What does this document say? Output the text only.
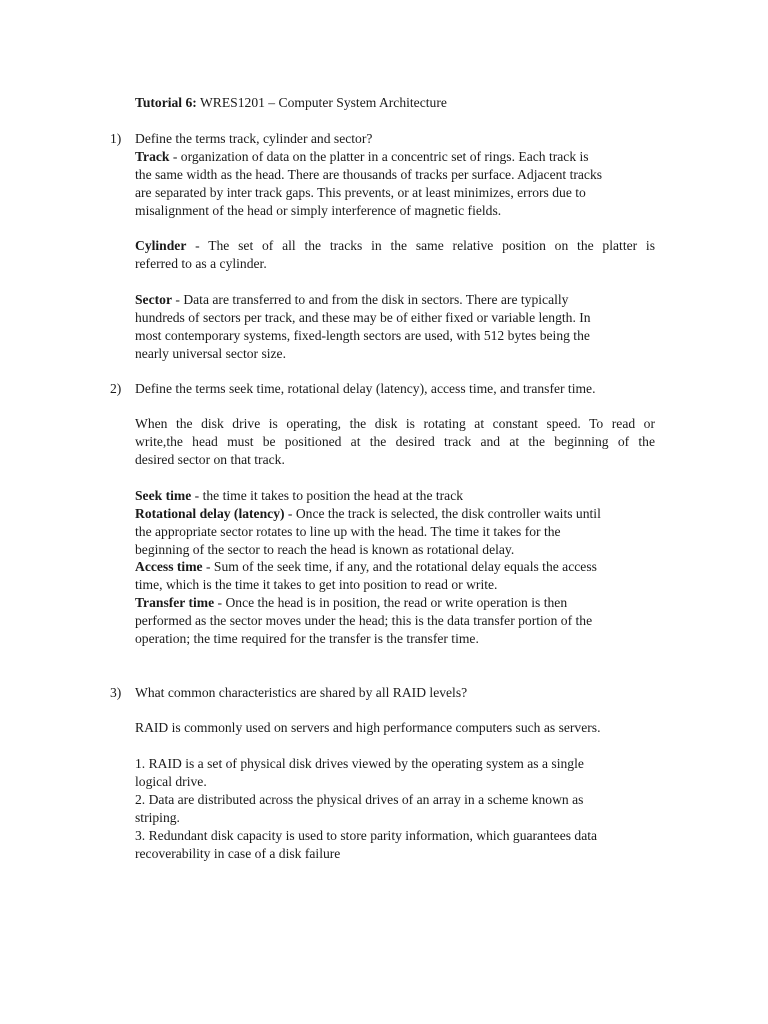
Tutorial 6: WRES1201 – Computer System Architecture
1) Define the terms track, cylinder and sector?
Track - organization of data on the platter in a concentric set of rings. Each track is
the same width as the head. There are thousands of tracks per surface. Adjacent tracks
are separated by inter track gaps. This prevents, or at least minimizes, errors due to
misalignment of the head or simply interference of magnetic fields.
Cylinder - The set of all the tracks in the same relative position on the platter is
referred to as a cylinder.
Sector - Data are transferred to and from the disk in sectors. There are typically
hundreds of sectors per track, and these may be of either fixed or variable length. In
most contemporary systems, fixed-length sectors are used, with 512 bytes being the
nearly universal sector size.
2) Define the terms seek time, rotational delay (latency), access time, and transfer time.
When the disk drive is operating, the disk is rotating at constant speed. To read or
write,the head must be positioned at the desired track and at the beginning of the
desired sector on that track.
Seek time - the time it takes to position the head at the track
Rotational delay (latency) - Once the track is selected, the disk controller waits until
the appropriate sector rotates to line up with the head. The time it takes for the
beginning of the sector to reach the head is known as rotational delay.
Access time - Sum of the seek time, if any, and the rotational delay equals the access
time, which is the time it takes to get into position to read or write.
Transfer time - Once the head is in position, the read or write operation is then
performed as the sector moves under the head; this is the data transfer portion of the
operation; the time required for the transfer is the transfer time.
3) What common characteristics are shared by all RAID levels?
RAID is commonly used on servers and high performance computers such as servers.
1. RAID is a set of physical disk drives viewed by the operating system as a single
logical drive.
2. Data are distributed across the physical drives of an array in a scheme known as
striping.
3. Redundant disk capacity is used to store parity information, which guarantees data
recoverability in case of a disk failure
